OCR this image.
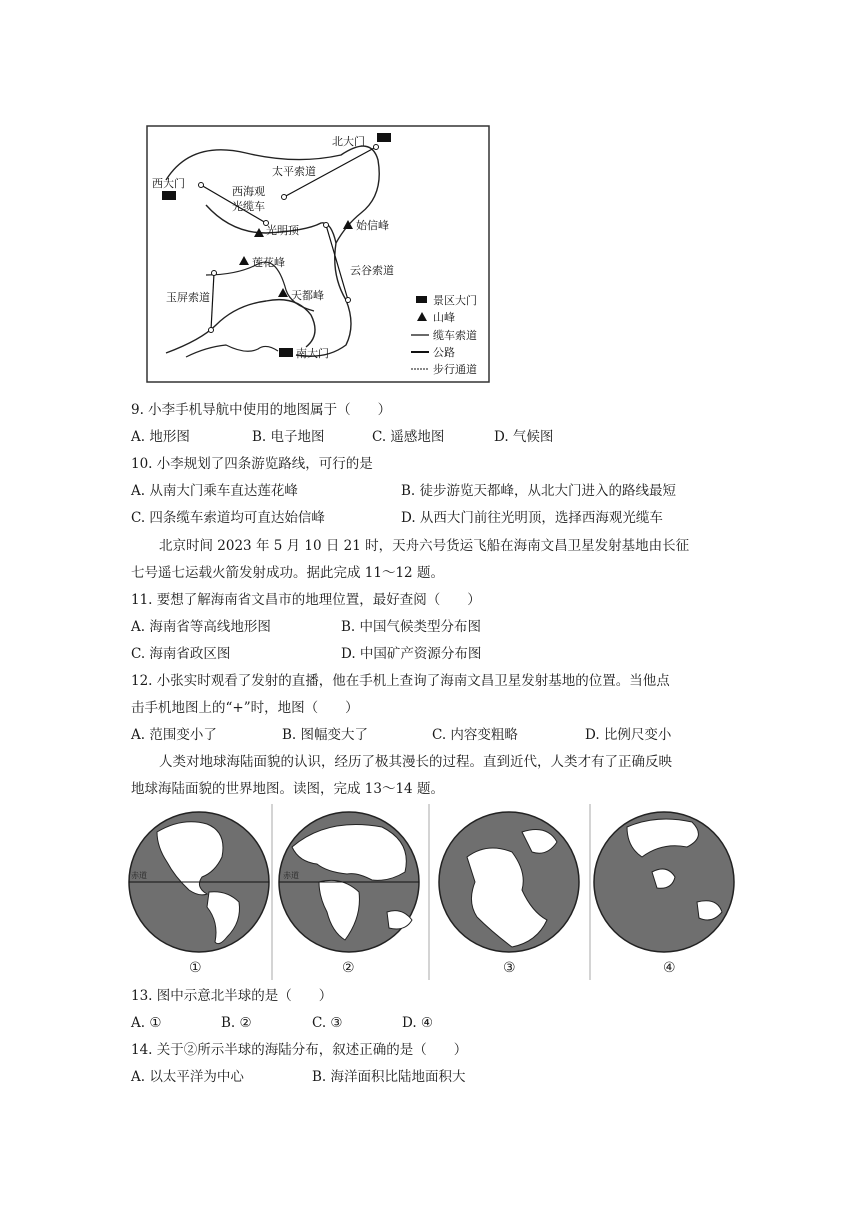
北大门
西大门
南大门
太平索道
西海观
光缆车
云谷索道
玉屏索道
光明顶	始信峰
莲花峰
天都峰	景区大门
山峰
缆车索道
公路
步行通道
9. 小李手机导航中使用的地图属于（　　）
A. 地形图	B. 电子地图	C. 遥感地图	D. 气候图
10. 小李规划了四条游览路线，可行的是
A. 从南大门乘车直达莲花峰	B. 徒步游览天都峰，从北大门进入的路线最短
C. 四条缆车索道均可直达始信峰	D. 从西大门前往光明顶，选择西海观光缆车
北京时间 2023 年 5 月 10 日 21 时，天舟六号货运飞船在海南文昌卫星发射基地由长征
七号遥七运载火箭发射成功。据此完成 11～12 题。
11. 要想了解海南省文昌市的地理位置，最好查阅（　　）
A. 海南省等高线地形图	B. 中国气候类型分布图
C. 海南省政区图	D. 中国矿产资源分布图
12. 小张实时观看了发射的直播，他在手机上查询了海南文昌卫星发射基地的位置。当他点
击手机地图上的“+”时，地图（　　）
A. 范围变小了	B. 图幅变大了	C. 内容变粗略	D. 比例尺变小
人类对地球海陆面貌的认识，经历了极其漫长的过程。直到近代，人类才有了正确反映
地球海陆面貌的世界地图。读图，完成 13～14 题。
赤道	赤道
①	②	③	④
13. 图中示意北半球的是（　　）
A. ①	B. ②	C. ③	D. ④
14. 关于②所示半球的海陆分布，叙述正确的是（　　）
A. 以太平洋为中心	B. 海洋面积比陆地面积大
